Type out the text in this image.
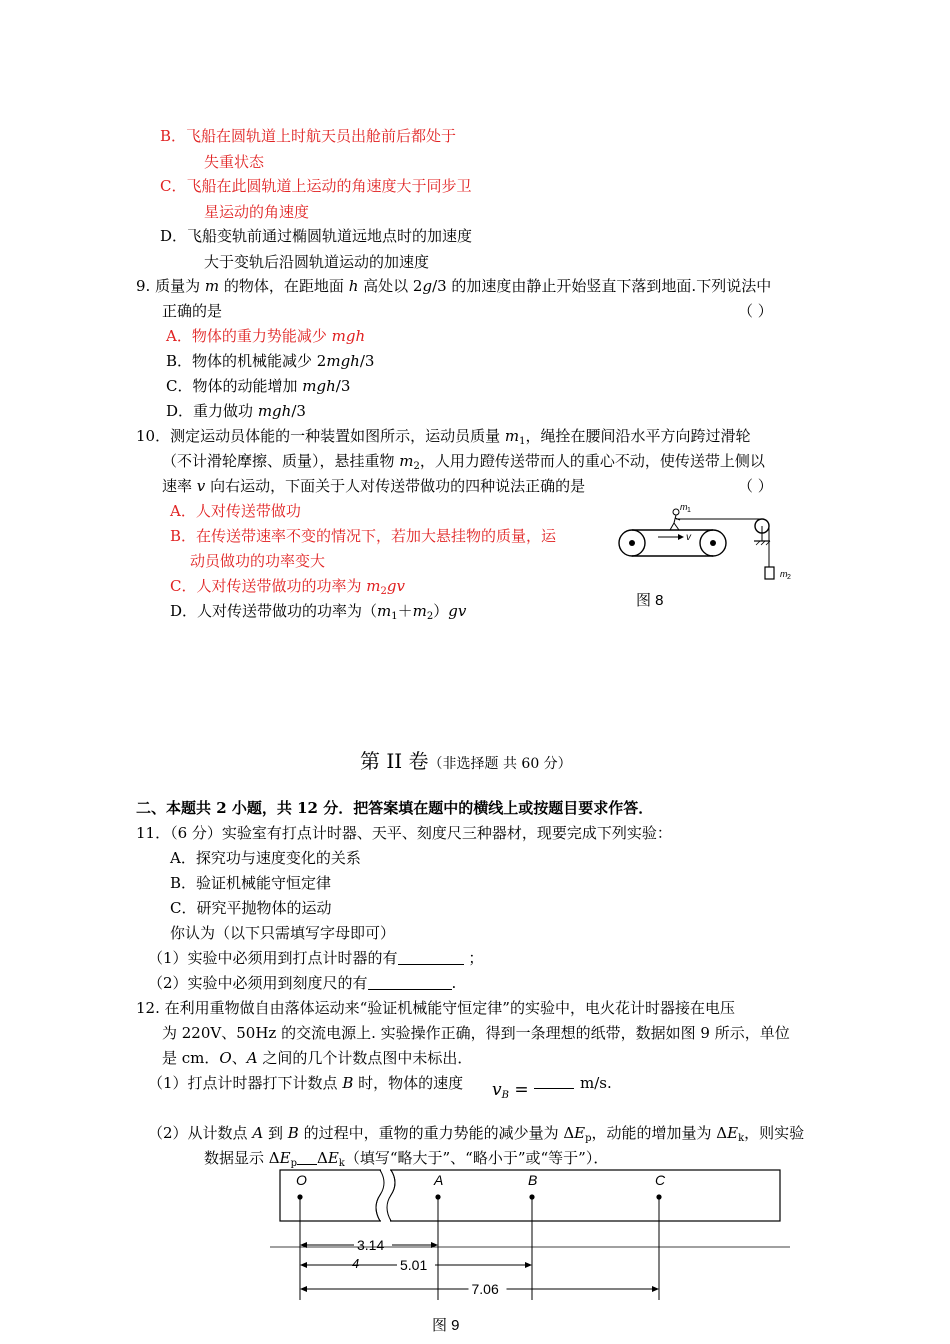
B．飞船在圆轨道上时航天员出舱前后都处于
失重状态
C．飞船在此圆轨道上运动的角速度大于同步卫
星运动的角速度
D．飞船变轨前通过椭圆轨道远地点时的加速度
大于变轨后沿圆轨道运动的加速度
9. 质量为 m 的物体，在距地面 h 高处以 2g/3 的加速度由静止开始竖直下落到地面.下列说法中
正确的是	（ ）
A．物体的重力势能减少 mgh
B．物体的机械能减少 2mgh/3
C．物体的动能增加 mgh/3
D．重力做功 mgh/3
10．测定运动员体能的一种装置如图所示，运动员质量 $m_1$，绳拴在腰间沿水平方向跨过滑轮
（不计滑轮摩擦、质量），悬挂重物 $m_2$，人用力蹬传送带而人的重心不动，使传送带上侧以
速率 v 向右运动，下面关于人对传送带做功的四种说法正确的是	（ ）
A．人对传送带做功
B．在传送带速率不变的情况下，若加大悬挂物的质量，运
动员做功的功率变大
C．人对传送带做功的功率为 $m_2gv$
D．人对传送带做功的功率为$(m_1+m_2)gv$
v
m 1
m 2
图 8
第 II 卷（非选择题 共 60 分）
二、本题共 2 小题，共 12 分．把答案填在题中的横线上或按题目要求作答．
11．（6 分）实验室有打点计时器、天平、刻度尺三种器材，现要完成下列实验：
A．探究功与速度变化的关系
B．验证机械能守恒定律
C．研究平抛物体的运动
你认为（以下只需填写字母即可）
（1）实验中必须用到打点计时器的有	；
（2）实验中必须用到刻度尺的有	.
12. 在利用重物做自由落体运动来“验证机械能守恒定律”的实验中，电火花计时器接在电压
为 220V、50Hz 的交流电源上. 实验操作正确，得到一条理想的纸带，数据如图 9 所示，单位
是 cm．O、A 之间的几个计数点图中未标出．
（1）打点计时器打下计数点 B 时，物体的速度 $v_B$ =	m/s.
（2）从计数点 A 到 B 的过程中，重物的重力势能的减少量为 $\Delta E_p$，动能的增加量为 $\Delta E_k$，则实验
数据显示 $\Delta E_p$ $\Delta E_k$（填写“略大于”、“略小于”或“等于”）．
O	A	B	C
3.14
5.01
7.06
4
图 9
